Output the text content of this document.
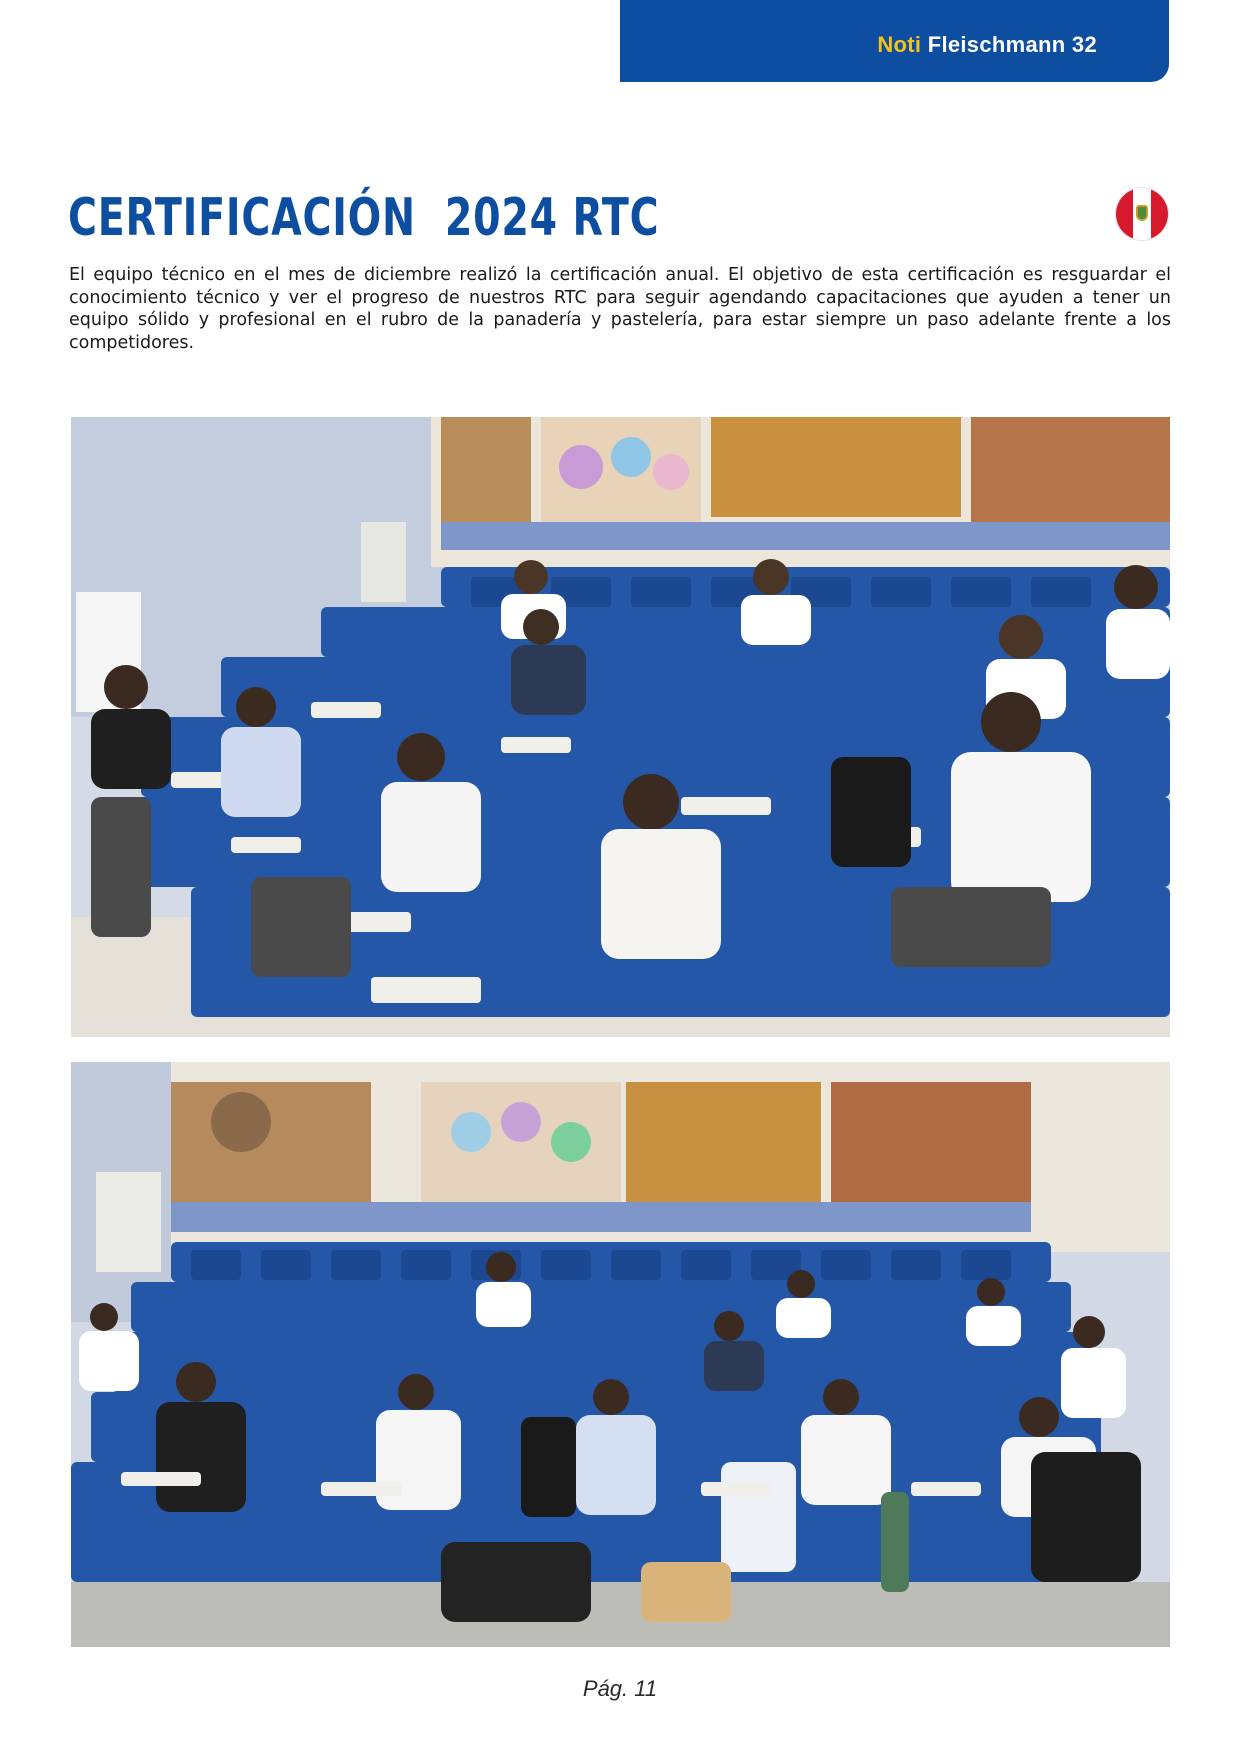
Noti Fleischmann 32
CERTIFICACIÓN  2024 RTC

El equipo técnico en el mes de diciembre realizó la certificación anual. El objetivo de esta certificación es resguardar el conocimiento técnico y ver el progreso de nuestros RTC para seguir agendando capacitaciones que ayuden a tener un equipo sólido y profesional en el rubro de la panadería y pastelería, para estar siempre un paso adelante frente a los competidores.

Pág. 11
